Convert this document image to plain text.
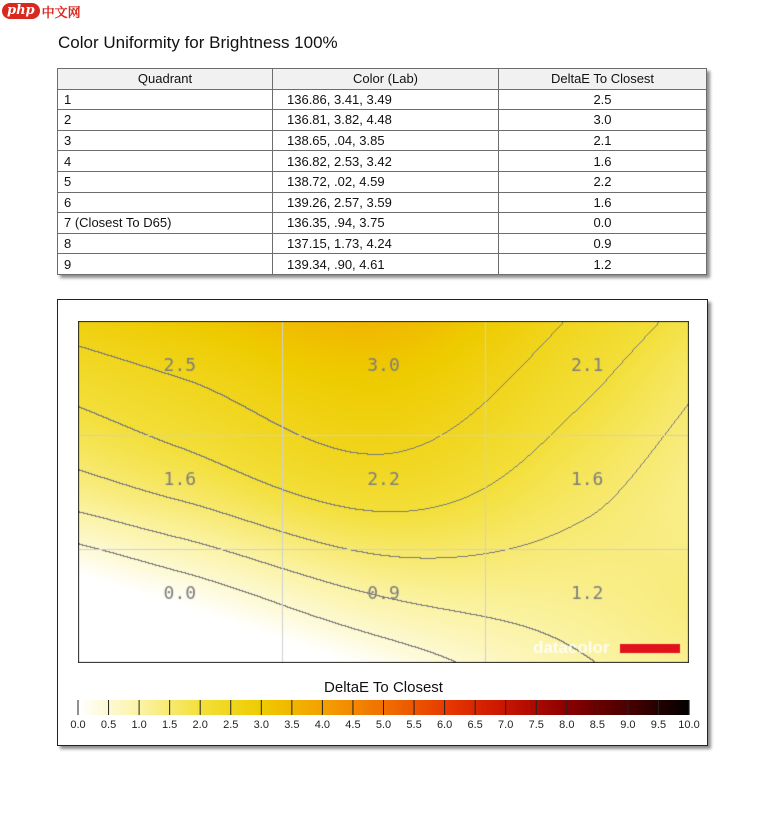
php 中文网
Color Uniformity for Brightness 100%
Quadrant	Color (Lab)	DeltaE To Closest
1	136.86, 3.41, 3.49	2.5
2	136.81, 3.82, 4.48	3.0
3	138.65, .04, 3.85	2.1
4	136.82, 2.53, 3.42	1.6
5	138.72, .02, 4.59	2.2
6	139.26, 2.57, 3.59	1.6
7 (Closest To D65)	136.35, .94, 3.75	0.0
8	137.15, 1.73, 4.24	0.9
9	139.34, .90, 4.61	1.2
DeltaE To Closest
0.0 0.5 1.0 1.5 2.0 2.5 3.0 3.5 4.0 4.5 5.0 5.5 6.0 6.5 7.0 7.5 8.0 8.5 9.0 9.5 10.0
